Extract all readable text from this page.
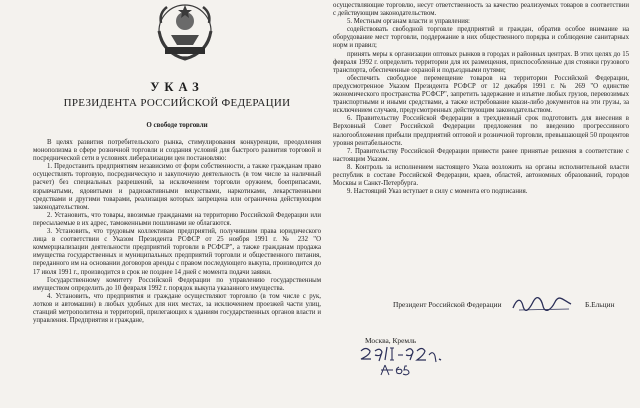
УКАЗ
ПРЕЗИДЕНТА РОССИЙСКОЙ ФЕДЕРАЦИИ
О свободе торговли

В целях развития потребительского рынка, стимулирования конкуренции, преодоления монополизма в сфере розничной торговли и создания условий для быстрого развития торговой и посреднической сети в условиях либерализации цен постановляю:

1. Предоставить предприятиям независимо от форм собственности, а также гражданам право осуществлять торговую, посредническую и закупочную деятельность (в том числе за наличный расчет) без специальных разрешений, за исключением торговли оружием, боеприпасами, взрывчатыми, ядовитыми и радиоактивными веществами, наркотиками, лекарственными средствами и другими товарами, реализация которых запрещена или ограничена действующим законодательством.

2. Установить, что товары, ввозимые гражданами на территорию Российской Федерации или пересылаемые в их адрес, таможенными пошлинами не облагаются.

3. Установить, что трудовым коллективам предприятий, получившим права юридического лица в соответствии с Указом Президента РСФСР от 25 ноября 1991 г. № 232 "О коммерциализации деятельности предприятий торговли в РСФСР", а также гражданам продажа имущества государственных и муниципальных предприятий торговли и общественного питания, переданного им на основании договоров аренды с правом последующего выкупа, производится до 17 июля 1991 г., производится в срок не позднее 14 дней с момента подачи заявки.

Государственному комитету Российской Федерации по управлению государственным имуществом определить до 10 февраля 1992 г. порядок выкупа указанного имущества.

4. Установить, что предприятия и граждане осуществляют торговлю (в том числе с рук, лотков и автомашин) в любых удобных для них местах, за исключением проезжей части улиц, станций метрополитена и территорий, прилегающих к зданиям государственных органов власти и управления. Предприятия и граждане,

осуществляющие торговлю, несут ответственность за качество реализуемых товаров в соответствии с действующим законодательством.

5. Местным органам власти и управления:

содействовать свободной торговле предприятий и граждан, обратив особое внимание на оборудование мест торговли, поддержание в них общественного порядка и соблюдение санитарных норм и правил;

принять меры к организации оптовых рынков в городах и районных центрах. В этих целях до 15 февраля 1992 г. определить территории для их размещения, приспособленные для стоянки грузового транспорта, обеспеченные охраной и подъездными путями;

обеспечить свободное перемещение товаров на территории Российской Федерации, предусмотренное Указом Президента РСФСР от 12 декабря 1991 г. № 269 "О единстве экономического пространства РСФСР", запретить задержание и изъятие любых грузов, перевозимых транспортными и иными средствами, а также истребование квази-либо документов на эти грузы, за исключением случаев, предусмотренных действующим законодательством.

6. Правительству Российской Федерации в трехдневный срок подготовить для внесения в Верховный Совет Российской Федерации предложения по введению прогрессивного налогообложения прибыли предприятий оптовой и розничной торговли, превышающей 50 процентов уровня рентабельности.

7. Правительству Российской Федерации привести ранее принятые решения в соответствие с настоящим Указом.

8. Контроль за исполнением настоящего Указа возложить на органы исполнительной власти республик в составе Российской Федерации, краев, областей, автономных образований, городов Москвы и Санкт-Петербурга.

9. Настоящий Указ вступает в силу с момента его подписания.

Президент Российской Федерации	Б.Ельцин
Москва, Кремль
